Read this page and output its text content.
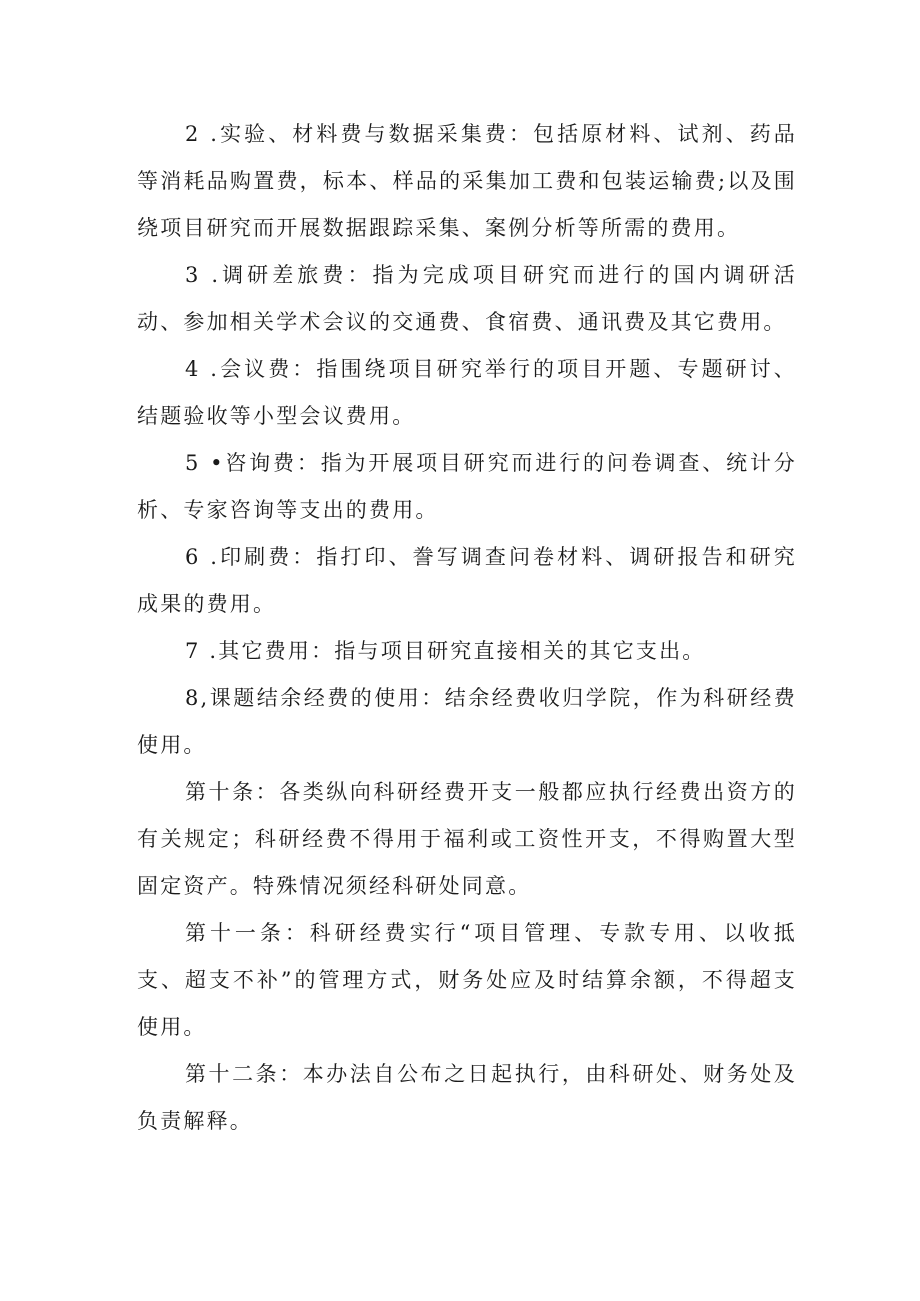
2 .实验、材料费与数据采集费：包括原材料、试剂、药品等消耗品购置费，标本、样品的采集加工费和包装运输费;以及围绕项目研究而开展数据跟踪采集、案例分析等所需的费用。

3 .调研差旅费：指为完成项目研究而进行的国内调研活动、参加相关学术会议的交通费、食宿费、通讯费及其它费用。

4 .会议费：指围绕项目研究举行的项目开题、专题研讨、结题验收等小型会议费用。

5 •咨询费：指为开展项目研究而进行的问卷调查、统计分析、专家咨询等支出的费用。

6 .印刷费：指打印、誊写调查问卷材料、调研报告和研究成果的费用。

7 .其它费用：指与项目研究直接相关的其它支出。

8,课题结余经费的使用：结余经费收归学院，作为科研经费使用。

第十条：各类纵向科研经费开支一般都应执行经费出资方的有关规定；科研经费不得用于福利或工资性开支，不得购置大型固定资产。特殊情况须经科研处同意。

第十一条：科研经费实行“项目管理、专款专用、以收抵支、超支不补”的管理方式，财务处应及时结算余额，不得超支使用。

第十二条：本办法自公布之日起执行，由科研处、财务处及负责解释。
